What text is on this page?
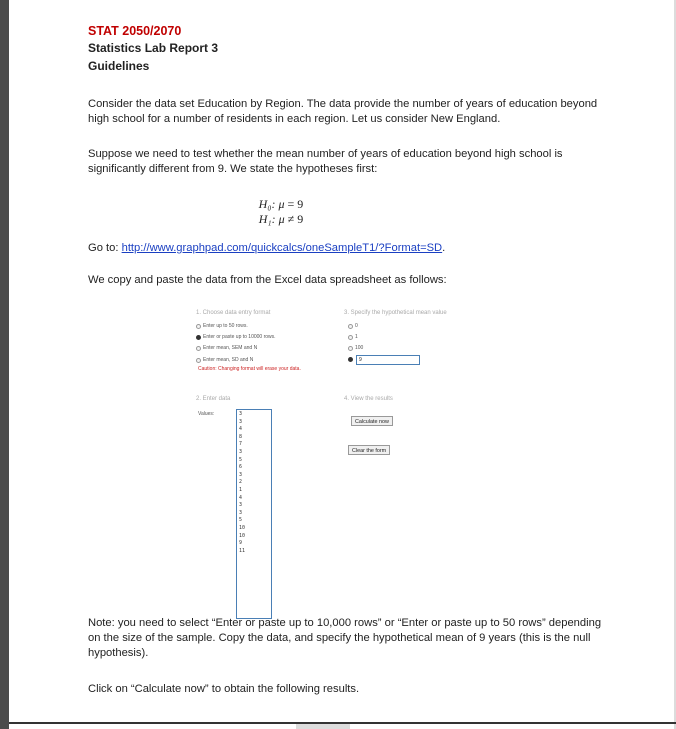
STAT 2050/2070
Statistics Lab Report 3
Guidelines

Consider the data set Education by Region. The data provide the number of years of education beyond high school for a number of residents in each region. Let us consider New England.

Suppose we need to test whether the mean number of years of education beyond high school is significantly different from 9. We state the hypotheses first:

H₀: μ = 9
H₁: μ ≠ 9

Go to: http://www.graphpad.com/quickcalcs/oneSampleT1/?Format=SD.

We copy and paste the data from the Excel data spreadsheet as follows:

Note: you need to select “Enter or paste up to 10,000 rows” or “Enter or paste up to 50 rows” depending on the size of the sample. Copy the data, and specify the hypothetical mean of 9 years (this is the null hypothesis).

Click on “Calculate now” to obtain the following results.

1. Choose data entry format
Enter up to 50 rows.
Enter or paste up to 10000 rows.
Enter mean, SEM and N
Enter mean, SD and N
Caution: Changing format will erase your data.
3. Specify the hypothetical mean value
0
1
100
9
2. Enter data
Values:	3
3
4
8
7
3
5
6
3
2
1
4
3
3
5
10
10
9
11
4. View the results
Calculate now
Clear the form
